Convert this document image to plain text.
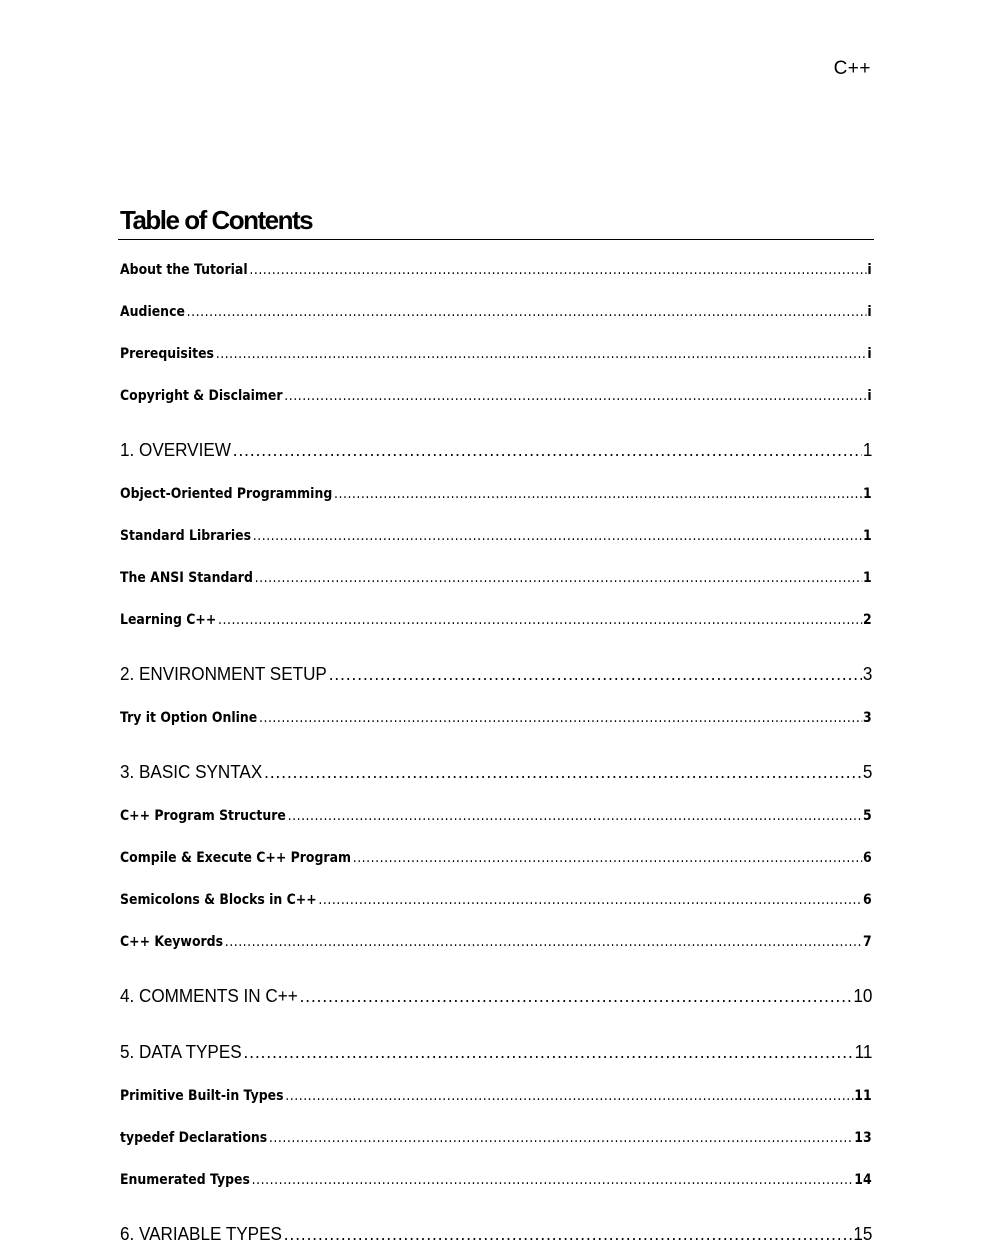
C++
Table of Contents
About the Tutorial . . .	i
Audience . . .	i
Prerequisites . . .	i
Copyright & Disclaimer . . .	i
1. OVERVIEW . . .	1
Object-Oriented Programming . . .	1
Standard Libraries . . .	1
The ANSI Standard . . .	1
Learning C++ . . .	2
2. ENVIRONMENT SETUP . . .	3
Try it Option Online . . .	3
3. BASIC SYNTAX . . .	5
C++ Program Structure . . .	5
Compile & Execute C++ Program . . .	6
Semicolons & Blocks in C++ . . .	6
C++ Keywords . . .	7
4. COMMENTS IN C++ . . .	10
5. DATA TYPES . . .	11
Primitive Built-in Types . . .	11
typedef Declarations . . .	13
Enumerated Types . . .	14
6. VARIABLE TYPES . . .	15
